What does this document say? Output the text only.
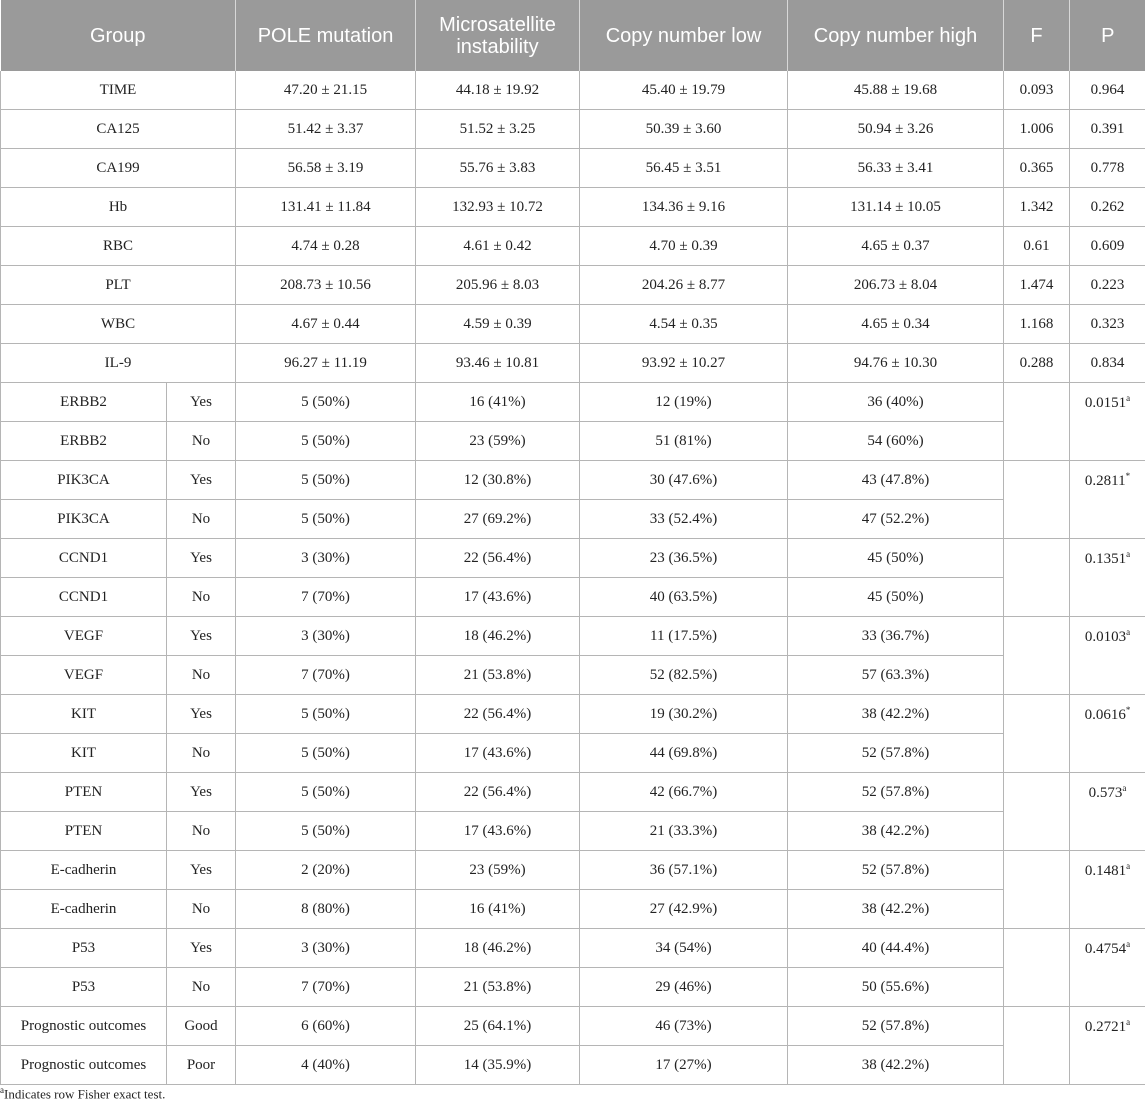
Group		POLE mutation	Microsatellite instability	Copy number low	Copy number high	F	P
TIME		47.20 ± 21.15	44.18 ± 19.92	45.40 ± 19.79	45.88 ± 19.68	0.093	0.964
CA125		51.42 ± 3.37	51.52 ± 3.25	50.39 ± 3.60	50.94 ± 3.26	1.006	0.391
CA199		56.58 ± 3.19	55.76 ± 3.83	56.45 ± 3.51	56.33 ± 3.41	0.365	0.778
Hb		131.41 ± 11.84	132.93 ± 10.72	134.36 ± 9.16	131.14 ± 10.05	1.342	0.262
RBC		4.74 ± 0.28	4.61 ± 0.42	4.70 ± 0.39	4.65 ± 0.37	0.61	0.609
PLT		208.73 ± 10.56	205.96 ± 8.03	204.26 ± 8.77	206.73 ± 8.04	1.474	0.223
WBC		4.67 ± 0.44	4.59 ± 0.39	4.54 ± 0.35	4.65 ± 0.34	1.168	0.323
IL-9		96.27 ± 11.19	93.46 ± 10.81	93.92 ± 10.27	94.76 ± 10.30	0.288	0.834
ERBB2	Yes	5 (50%)	16 (41%)	12 (19%)	36 (40%)		0.0151$^a$
ERBB2	No	5 (50%)	23 (59%)	51 (81%)	54 (60%)		
PIK3CA	Yes	5 (50%)	12 (30.8%)	30 (47.6%)	43 (47.8%)		0.2811*
PIK3CA	No	5 (50%)	27 (69.2%)	33 (52.4%)	47 (52.2%)		
CCND1	Yes	3 (30%)	22 (56.4%)	23 (36.5%)	45 (50%)		0.1351$^a$
CCND1	No	7 (70%)	17 (43.6%)	40 (63.5%)	45 (50%)		
VEGF	Yes	3 (30%)	18 (46.2%)	11 (17.5%)	33 (36.7%)		0.0103$^a$
VEGF	No	7 (70%)	21 (53.8%)	52 (82.5%)	57 (63.3%)		
KIT	Yes	5 (50%)	22 (56.4%)	19 (30.2%)	38 (42.2%)		0.0616*
KIT	No	5 (50%)	17 (43.6%)	44 (69.8%)	52 (57.8%)		
PTEN	Yes	5 (50%)	22 (56.4%)	42 (66.7%)	52 (57.8%)		0.573$^a$
PTEN	No	5 (50%)	17 (43.6%)	21 (33.3%)	38 (42.2%)		
E-cadherin	Yes	2 (20%)	23 (59%)	36 (57.1%)	52 (57.8%)		0.1481$^a$
E-cadherin	No	8 (80%)	16 (41%)	27 (42.9%)	38 (42.2%)		
P53	Yes	3 (30%)	18 (46.2%)	34 (54%)	40 (44.4%)		0.4754$^a$
P53	No	7 (70%)	21 (53.8%)	29 (46%)	50 (55.6%)		
Prognostic outcomes	Good	6 (60%)	25 (64.1%)	46 (73%)	52 (57.8%)		0.2721$^a$
Prognostic outcomes	Poor	4 (40%)	14 (35.9%)	17 (27%)	38 (42.2%)		
$^a$Indicates row Fisher exact test.
